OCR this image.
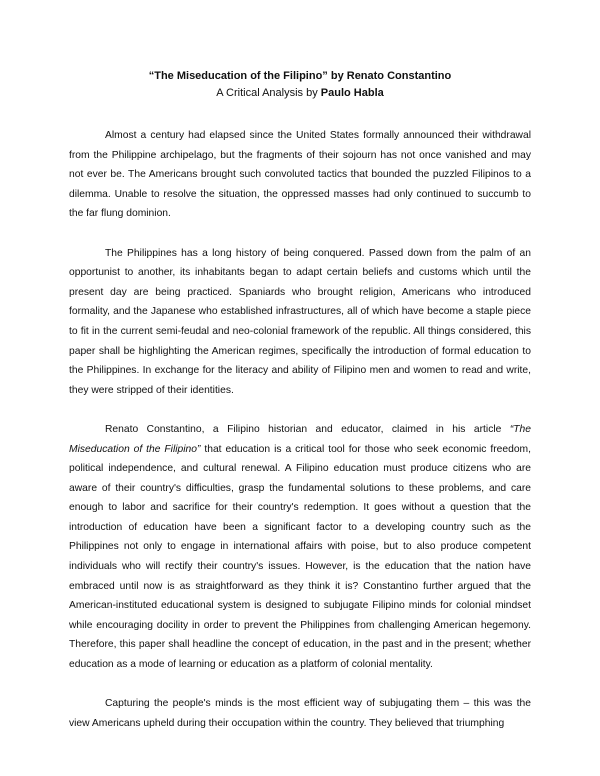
“The Miseducation of the Filipino” by Renato Constantino
A Critical Analysis by Paulo Habla

Almost a century had elapsed since the United States formally announced their withdrawal from the Philippine archipelago, but the fragments of their sojourn has not once vanished and may not ever be. The Americans brought such convoluted tactics that bounded the puzzled Filipinos to a dilemma. Unable to resolve the situation, the oppressed masses had only continued to succumb to the far flung dominion.

The Philippines has a long history of being conquered. Passed down from the palm of an opportunist to another, its inhabitants began to adapt certain beliefs and customs which until the present day are being practiced. Spaniards who brought religion, Americans who introduced formality, and the Japanese who established infrastructures, all of which have become a staple piece to fit in the current semi-feudal and neo-colonial framework of the republic. All things considered, this paper shall be highlighting the American regimes, specifically the introduction of formal education to the Philippines. In exchange for the literacy and ability of Filipino men and women to read and write, they were stripped of their identities.

Renato Constantino, a Filipino historian and educator, claimed in his article “The Miseducation of the Filipino” that education is a critical tool for those who seek economic freedom, political independence, and cultural renewal. A Filipino education must produce citizens who are aware of their country's difficulties, grasp the fundamental solutions to these problems, and care enough to labor and sacrifice for their country's redemption. It goes without a question that the introduction of education have been a significant factor to a developing country such as the Philippines not only to engage in international affairs with poise, but to also produce competent individuals who will rectify their country's issues. However, is the education that the nation have embraced until now is as straightforward as they think it is? Constantino further argued that the American-instituted educational system is designed to subjugate Filipino minds for colonial mindset while encouraging docility in order to prevent the Philippines from challenging American hegemony. Therefore, this paper shall headline the concept of education, in the past and in the present; whether education as a mode of learning or education as a platform of colonial mentality.

Capturing the people's minds is the most efficient way of subjugating them – this was the view Americans upheld during their occupation within the country. They believed that triumphing
